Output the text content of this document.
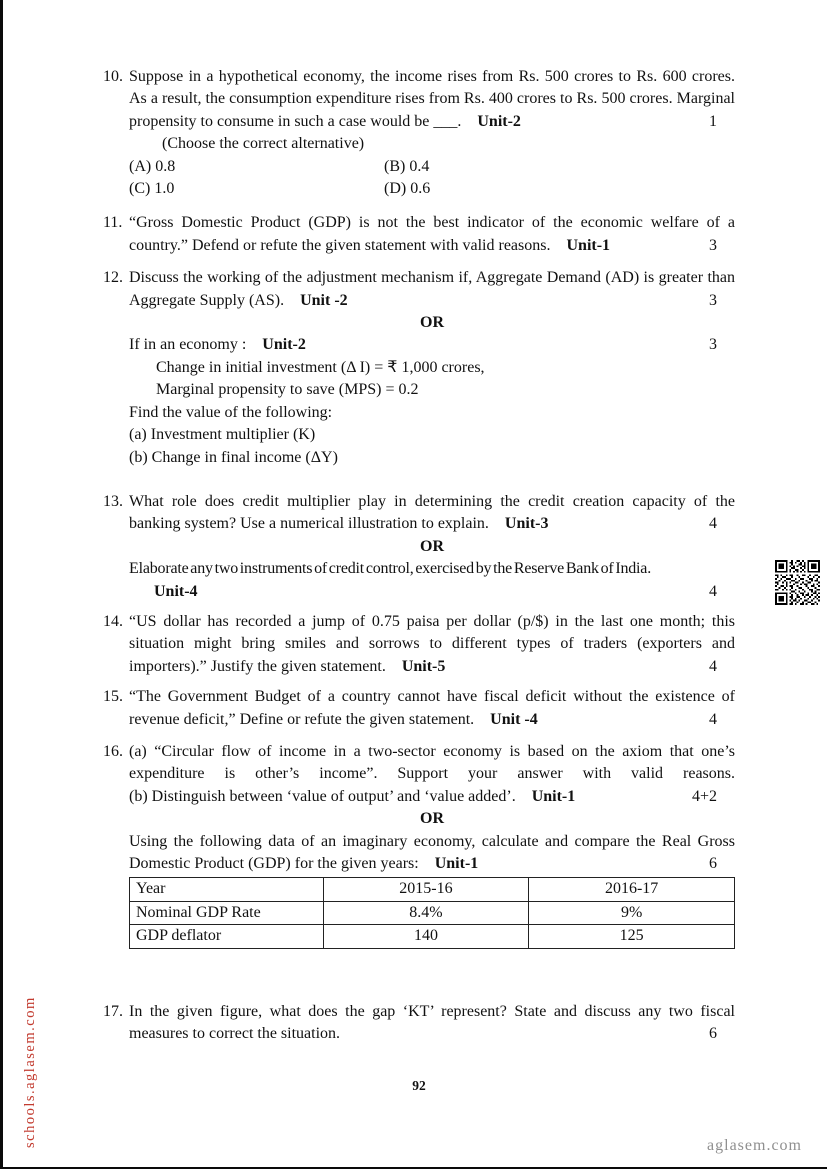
10. Suppose in a hypothetical economy, the income rises from Rs. 500 crores to Rs. 600 crores. As a result, the consumption expenditure rises from Rs. 400 crores to Rs. 500 crores. Marginal propensity to consume in such a case would be ___. Unit-2	1
(Choose the correct alternative)
(A) 0.8	(B) 0.4
(C) 1.0	(D) 0.6
11. “Gross Domestic Product (GDP) is not the best indicator of the economic welfare of a country.” Defend or refute the given statement with valid reasons. Unit-1	3
12. Discuss the working of the adjustment mechanism if, Aggregate Demand (AD) is greater than Aggregate Supply (AS). Unit -2	3
OR
If in an economy : Unit-2	3
Change in initial investment (Δ I) = ₹ 1,000 crores,
Marginal propensity to save (MPS) = 0.2
Find the value of the following:
(a) Investment multiplier (K)
(b) Change in final income (ΔY)
13. What role does credit multiplier play in determining the credit creation capacity of the banking system? Use a numerical illustration to explain. Unit-3	4
OR
Elaborate any two instruments of credit control, exercised by the Reserve Bank of India.
Unit-4	4
14. “US dollar has recorded a jump of 0.75 paisa per dollar (p/$) in the last one month; this situation might bring smiles and sorrows to different types of traders (exporters and importers).” Justify the given statement. Unit-5	4
15. “The Government Budget of a country cannot have fiscal deficit without the existence of revenue deficit,” Define or refute the given statement. Unit -4	4
16. (a) “Circular flow of income in a two-sector economy is based on the axiom that one’s expenditure is other’s income”. Support your answer with valid reasons.
(b) Distinguish between ‘value of output’ and ‘value added’. Unit-1	4+2
OR
Using the following data of an imaginary economy, calculate and compare the Real Gross Domestic Product (GDP) for the given years: Unit-1	6
Year	2015-16	2016-17
Nominal GDP Rate	8.4%	9%
GDP deflator	140	125
17. In the given figure, what does the gap ‘KT’ represent? State and discuss any two fiscal measures to correct the situation.	6
92
schools.aglasem.com	aglasem.com
